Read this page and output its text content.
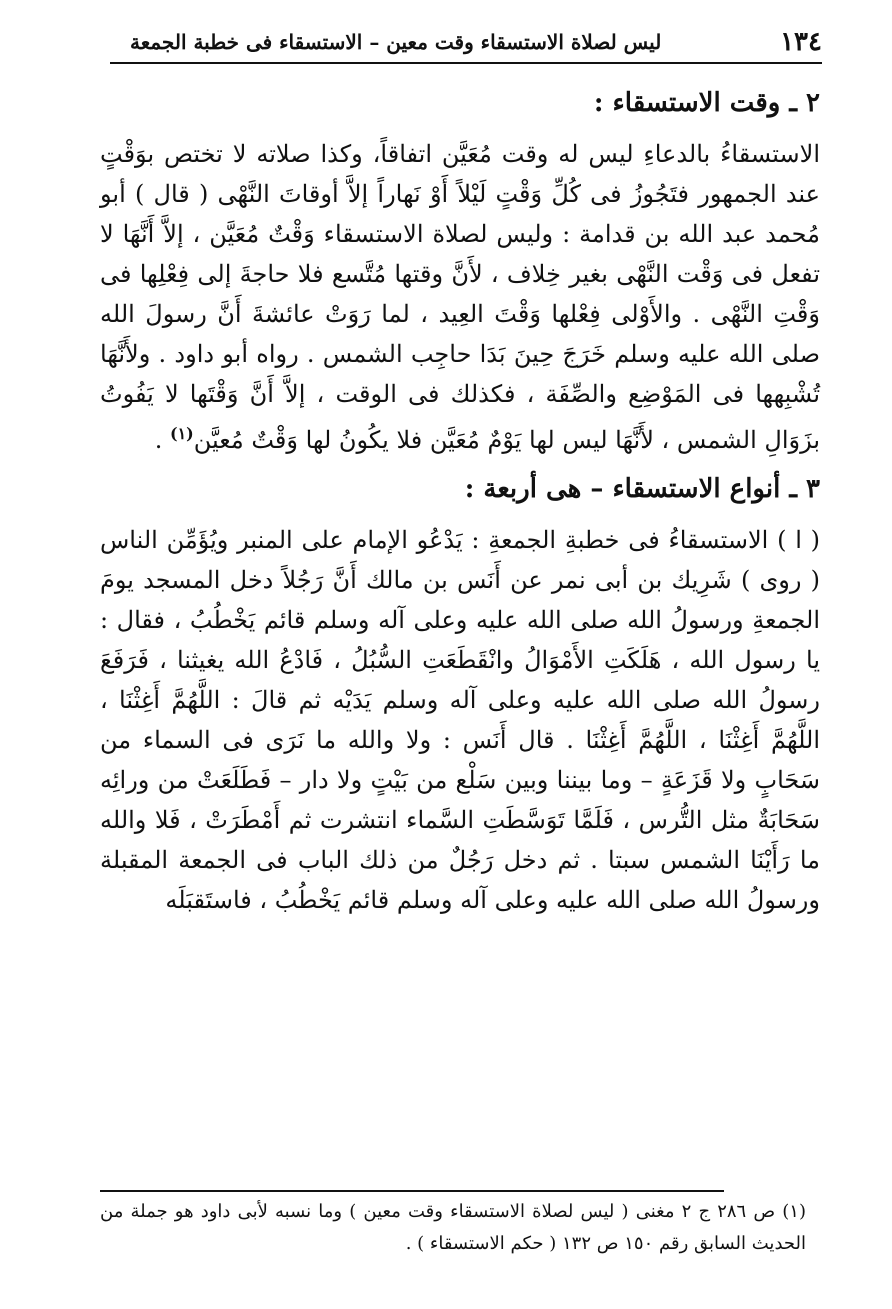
١٣٤
ليس لصلاة الاستسقاء وقت معين – الاستسقاء فى خطبة الجمعة
٢ ـ وقت الاستسقاء :

الاستسقاءُ بالدعاءِ ليس له وقت مُعَيَّن اتفاقاً، وكذا صلاته لا تختص بوَقْتٍ عند الجمهور فتَجُوزُ فى كُلِّ وَقْتٍ لَيْلاً أَوْ نَهاراً إلاَّ أوقاتَ النَّهْى ( قال ) أبو مُحمد عبد الله بن قدامة : وليس لصلاة الاستسقاء وَقْتٌ مُعَيَّن ، إلاَّ أَنَّهَا لا تفعل فى وَقْت النَّهْى بغير خِلاف ، لأَنَّ وقتها مُتَّسع فلا حاجةَ إلى فِعْلِها فى وَقْتِ النَّهْى . والأَوْلى فِعْلها وَقْتَ العِيد ، لما رَوَتْ عائشةَ أَنَّ رسولَ الله صلى الله عليه وسلم خَرَجَ حِينَ بَدَا حاجِب الشمس . رواه أبو داود . ولأَنَّهَا تُشْبِهها فى المَوْضِع والصِّفَة ، فكذلك فى الوقت ، إلاَّ أَنَّ وَقْتَها لا يَفُوتُ بزَوَالِ الشمس ، لأَنَّهَا ليس لها يَوْمٌ مُعَيَّن فلا يكُونُ لها وَقْتٌ مُعيَّن$^{(١)}$ .

٣ ـ أنواع الاستسقاء – هى أربعة :

( ا ) الاستسقاءُ فى خطبةِ الجمعةِ : يَدْعُو الإمام على المنبر ويُؤَمِّن الناس ( روى ) شَرِيك بن أبى نمر عن أَنَس بن مالك أَنَّ رَجُلاً دخل المسجد يومَ الجمعةِ ورسولُ الله صلى الله عليه وعلى آله وسلم قائم يَخْطُبُ ، فقال : يا رسول الله ، هَلَكَتِ الأَمْوَالُ وانْقَطَعَتِ السُّبُلُ ، فَادْعُ الله يغيثنا ، فَرَفَعَ رسولُ الله صلى الله عليه وعلى آله وسلم يَدَيْه ثم قالَ : اللَّهُمَّ أَغِثْنَا ، اللَّهُمَّ أَغِثْنَا ، اللَّهُمَّ أَغِثْنَا . قال أَنَس : ولا والله ما نَرَى فى السماء من سَحَابٍ ولا قَزَعَةٍ – وما بيننا وبين سَلْع من بَيْتٍ ولا دار – فَطَلَعَتْ من ورائِه سَحَابَةٌ مثل التُّرس ، فَلَمَّا تَوَسَّطَتِ السَّماء انتشرت ثم أَمْطَرَتْ ، فَلا والله ما رَأَيْنَا الشمس سبتا . ثم دخل رَجُلٌ من ذلك الباب فى الجمعة المقبلة ورسولُ الله صلى الله عليه وعلى آله وسلم قائم يَخْطُبُ ، فاستَقبَلَه

(١) ص ٢٨٦ ج ٢ مغنى ( ليس لصلاة الاستسقاء وقت معين ) وما نسبه لأبى داود هو جملة من الحديث السابق رقم ١٥٠ ص ١٣٢ ( حكم الاستسقاء ) .
